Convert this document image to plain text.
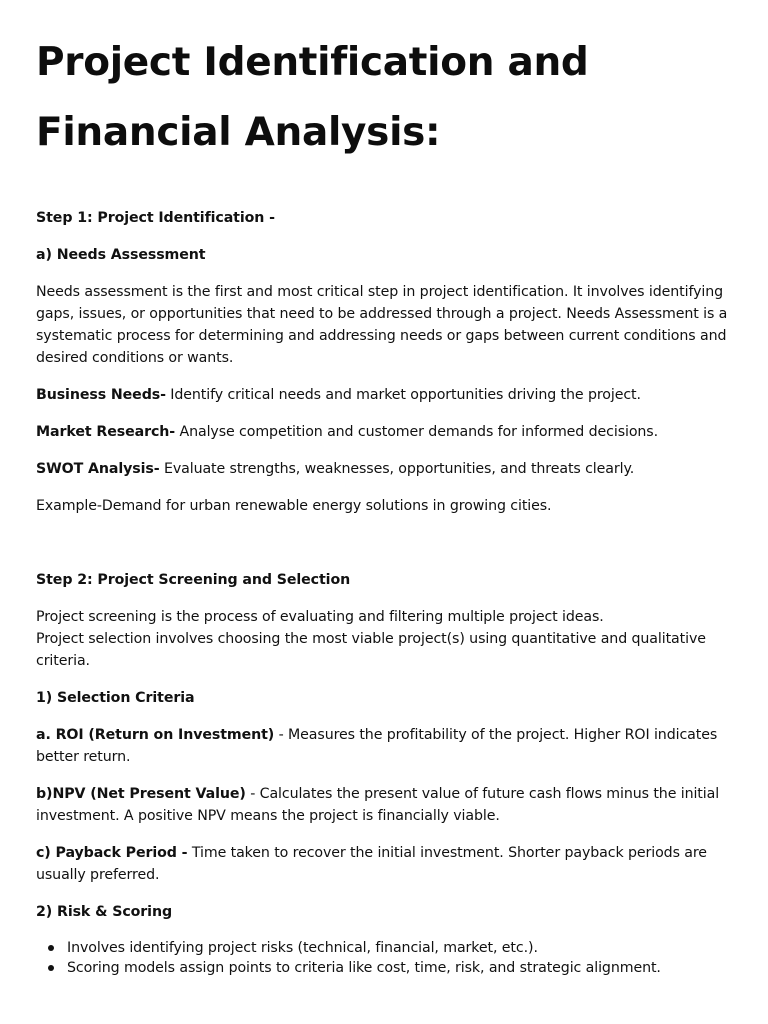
Project Identification and Financial Analysis:

Step 1: Project Identification -

a) Needs Assessment

Needs assessment is the first and most critical step in project identification. It involves identifying gaps, issues, or opportunities that need to be addressed through a project. Needs Assessment is a systematic process for determining and addressing needs or gaps between current conditions and desired conditions or wants.

Business Needs- Identify critical needs and market opportunities driving the project.

Market Research- Analyse competition and customer demands for informed decisions.

SWOT Analysis- Evaluate strengths, weaknesses, opportunities, and threats clearly.

Example-Demand for urban renewable energy solutions in growing cities.

Step 2: Project Screening and Selection

Project screening is the process of evaluating and filtering multiple project ideas.
Project selection involves choosing the most viable project(s) using quantitative and qualitative criteria.

1) Selection Criteria

a. ROI (Return on Investment) - Measures the profitability of the project. Higher ROI indicates better return.

b)NPV (Net Present Value) - Calculates the present value of future cash flows minus the initial investment. A positive NPV means the project is financially viable.

c) Payback Period - Time taken to recover the initial investment. Shorter payback periods are usually preferred.

2) Risk & Scoring

Involves identifying project risks (technical, financial, market, etc.).
Scoring models assign points to criteria like cost, time, risk, and strategic alignment.
